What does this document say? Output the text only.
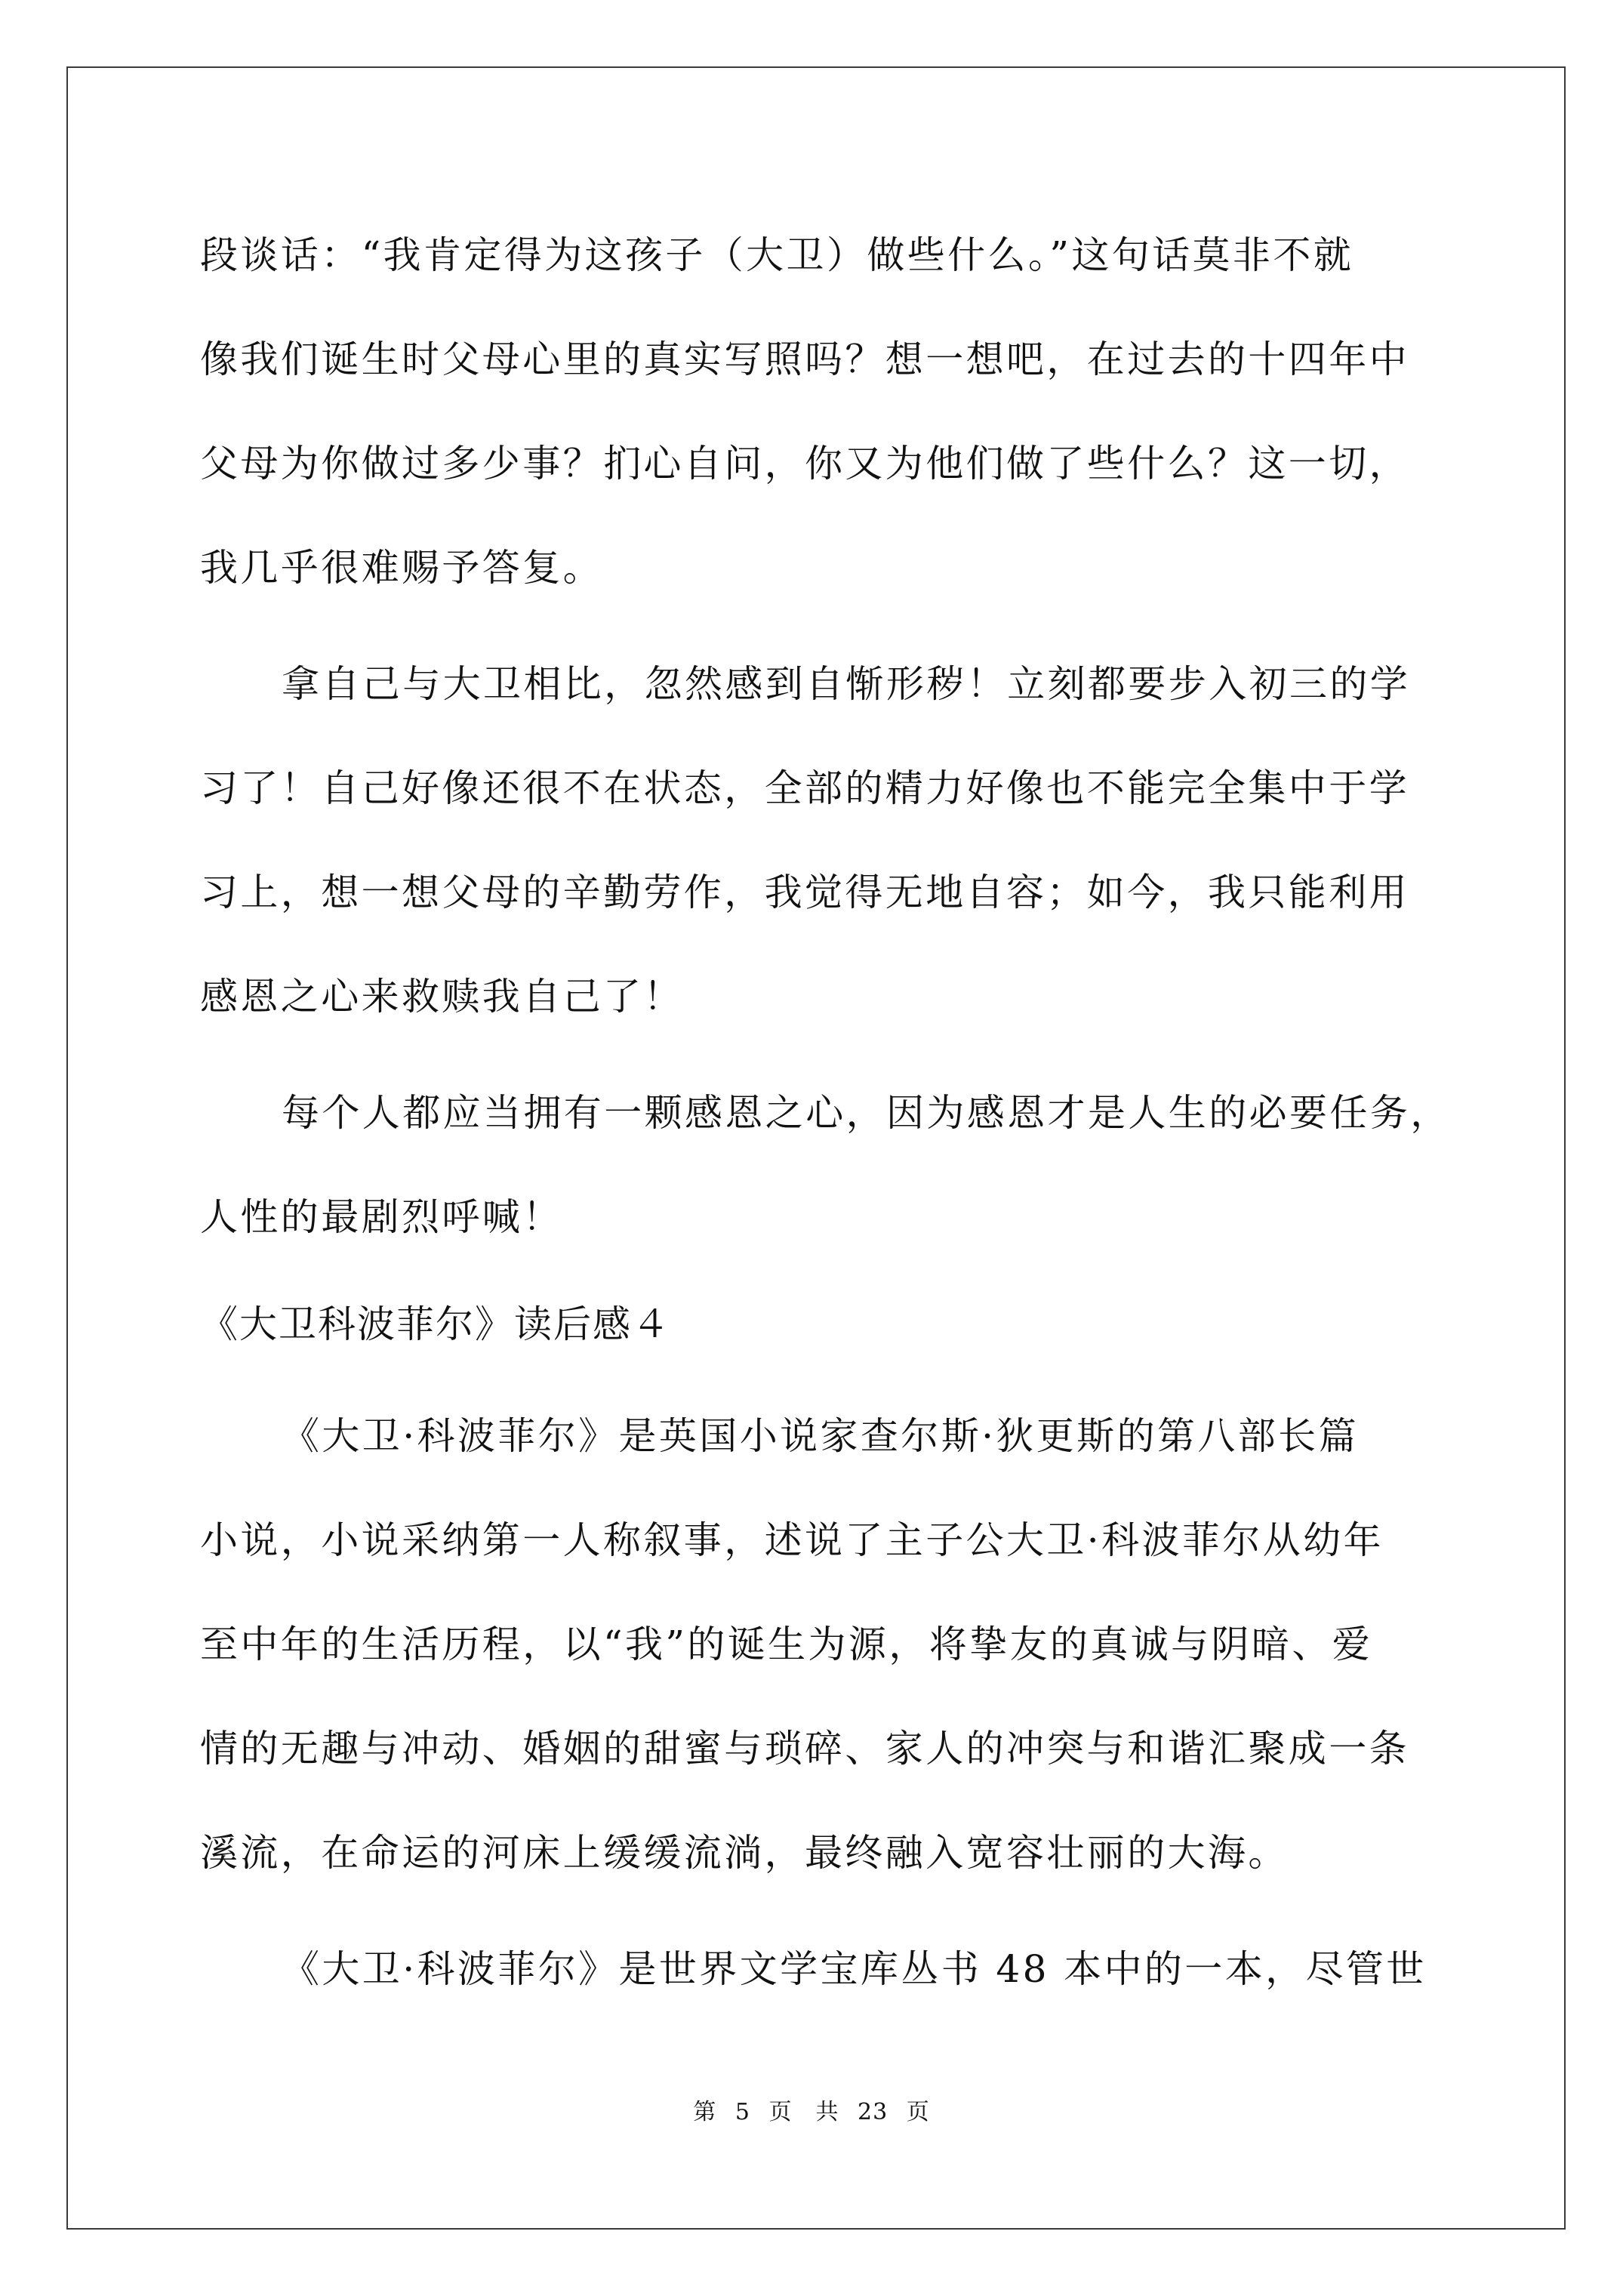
段谈话：“我肯定得为这孩子（大卫）做些什么。”这句话莫非不就
像我们诞生时父母心里的真实写照吗？想一想吧，在过去的十四年中
父母为你做过多少事？扪心自问，你又为他们做了些什么？这一切，
我几乎很难赐予答复。
拿自己与大卫相比，忽然感到自惭形秽！立刻都要步入初三的学
习了！自己好像还很不在状态，全部的精力好像也不能完全集中于学
习上，想一想父母的辛勤劳作，我觉得无地自容；如今，我只能利用
感恩之心来救赎我自己了！
每个人都应当拥有一颗感恩之心，因为感恩才是人生的必要任务，
人性的最剧烈呼喊！
《大卫科波菲尔》读后感４
《大卫·科波菲尔》是英国小说家查尔斯·狄更斯的第八部长篇
小说，小说采纳第一人称叙事，述说了主子公大卫·科波菲尔从幼年
至中年的生活历程，以“我”的诞生为源，将挚友的真诚与阴暗、爱
情的无趣与冲动、婚姻的甜蜜与琐碎、家人的冲突与和谐汇聚成一条
溪流，在命运的河床上缓缓流淌，最终融入宽容壮丽的大海。
《大卫·科波菲尔》是世界文学宝库丛书 48 本中的一本，尽管世
第 5 页　共 23 页
